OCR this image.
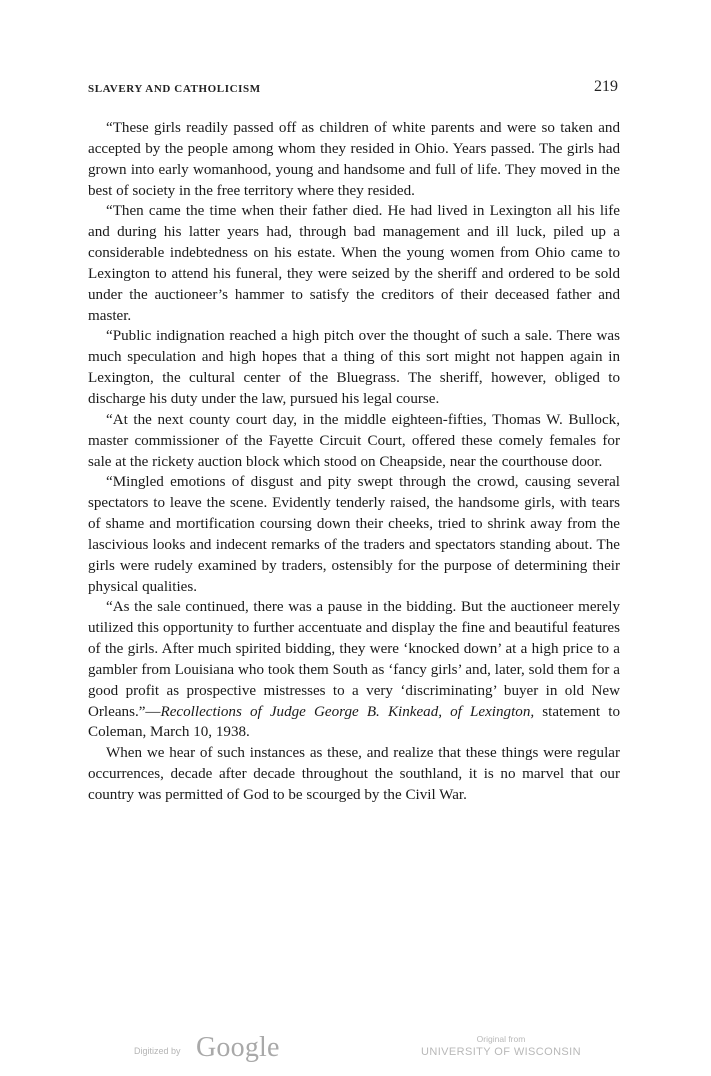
SLAVERY AND CATHOLICISM	219

“These girls readily passed off as children of white parents and were so taken and accepted by the people among whom they resided in Ohio. Years passed. The girls had grown into early womanhood, young and handsome and full of life. They moved in the best of society in the free territory where they resided.

“Then came the time when their father died. He had lived in Lexington all his life and during his latter years had, through bad management and ill luck, piled up a considerable indebtedness on his estate. When the young women from Ohio came to Lexington to attend his funeral, they were seized by the sheriff and ordered to be sold under the auctioneer’s hammer to satisfy the creditors of their deceased father and master.

“Public indignation reached a high pitch over the thought of such a sale. There was much speculation and high hopes that a thing of this sort might not happen again in Lexington, the cultural center of the Bluegrass. The sheriff, however, obliged to discharge his duty under the law, pursued his legal course.

“At the next county court day, in the middle eighteen-fifties, Thomas W. Bullock, master commissioner of the Fayette Circuit Court, offered these comely females for sale at the rickety auction block which stood on Cheapside, near the courthouse door.

“Mingled emotions of disgust and pity swept through the crowd, causing several spectators to leave the scene. Evidently tenderly raised, the handsome girls, with tears of shame and mortification coursing down their cheeks, tried to shrink away from the lascivious looks and indecent remarks of the traders and spectators standing about. The girls were rudely examined by traders, ostensibly for the purpose of determining their physical qualities.

“As the sale continued, there was a pause in the bidding. But the auctioneer merely utilized this opportunity to further accentuate and display the fine and beautiful features of the girls. After much spirited bidding, they were ‘knocked down’ at a high price to a gambler from Louisiana who took them South as ‘fancy girls’ and, later, sold them for a good profit as prospective mistresses to a very ‘discriminating’ buyer in old New Orleans.”—Recollections of Judge George B. Kinkead, of Lexington, statement to Coleman, March 10, 1938.

When we hear of such instances as these, and realize that these things were regular occurrences, decade after decade throughout the southland, it is no marvel that our country was permitted of God to be scourged by the Civil War.

Digitized by Google	Original from
UNIVERSITY OF WISCONSIN
